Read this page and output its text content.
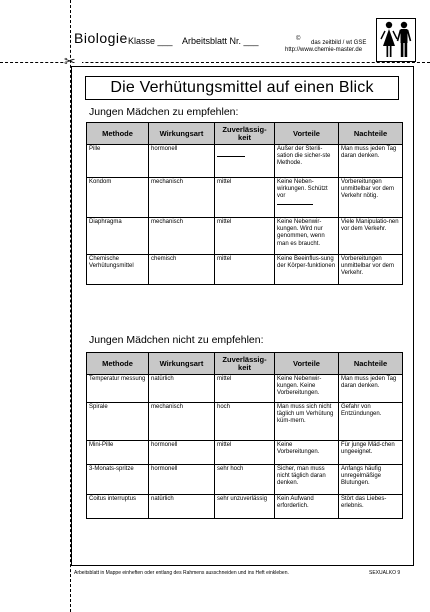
✂
Biologie Klasse ___ Arbeitsblatt Nr. ___	©
das zeitbild / wt GSE
http://www.chemie-master.de
Die Verhütungsmittel auf einen Blick
Jungen Mädchen zu empfehlen:
Methode	Wirkungsart	Zuverlässig-keit	Vorteile	Nachteile
Pille	hormonell		Außer der Sterili-sation die sicher-ste Methode.	Man muss jeden Tag daran denken.
Kondom	mechanisch	mittel	Keine Neben-wirkungen. Schützt vor	Vorbereitungen unmittelbar vor dem Verkehr nötig.
Diaphragma	mechanisch	mittel	Keine Nebenwir-kungen. Wird nur genommen, wenn man es braucht.	Viele Manipulatio-nen vor dem Verkehr.
Chemische Verhütungsmittel	chemisch	mittel	Keine Beeinflus-sung der Körper-funktionen	Vorbereitungen unmittelbar vor dem Verkehr.
Jungen Mädchen nicht zu empfehlen:
Methode	Wirkungsart	Zuverlässig-keit	Vorteile	Nachteile
Temperatur messung	natürlich	mittel	Keine Nebenwir-kungen. Keine Vorbereitungen.	Man muss jeden Tag daran denken.
Spirale	mechanisch	hoch	Man muss sich nicht täglich um Verhütung küm-mern.	Gefahr von Entzündungen.
Mini-Pille	hormonell	mittel	Keine Vorbereitungen.	Für junge Mäd-chen ungeeignet.
3-Monats-spritze	hormonell	sehr hoch	Sicher, man muss nicht täglich daran denken.	Anfangs häufig unregelmäßige Blutungen.
Coitus interruptus	natürlich	sehr unzuverlässig	Kein Aufwand erforderlich.	Stört das Liebes-erlebnis.
Arbeitsblatt in Mappe einheften oder entlang des Rahmens ausschneiden und ins Heft einkleben.	SEXUALKO 9
